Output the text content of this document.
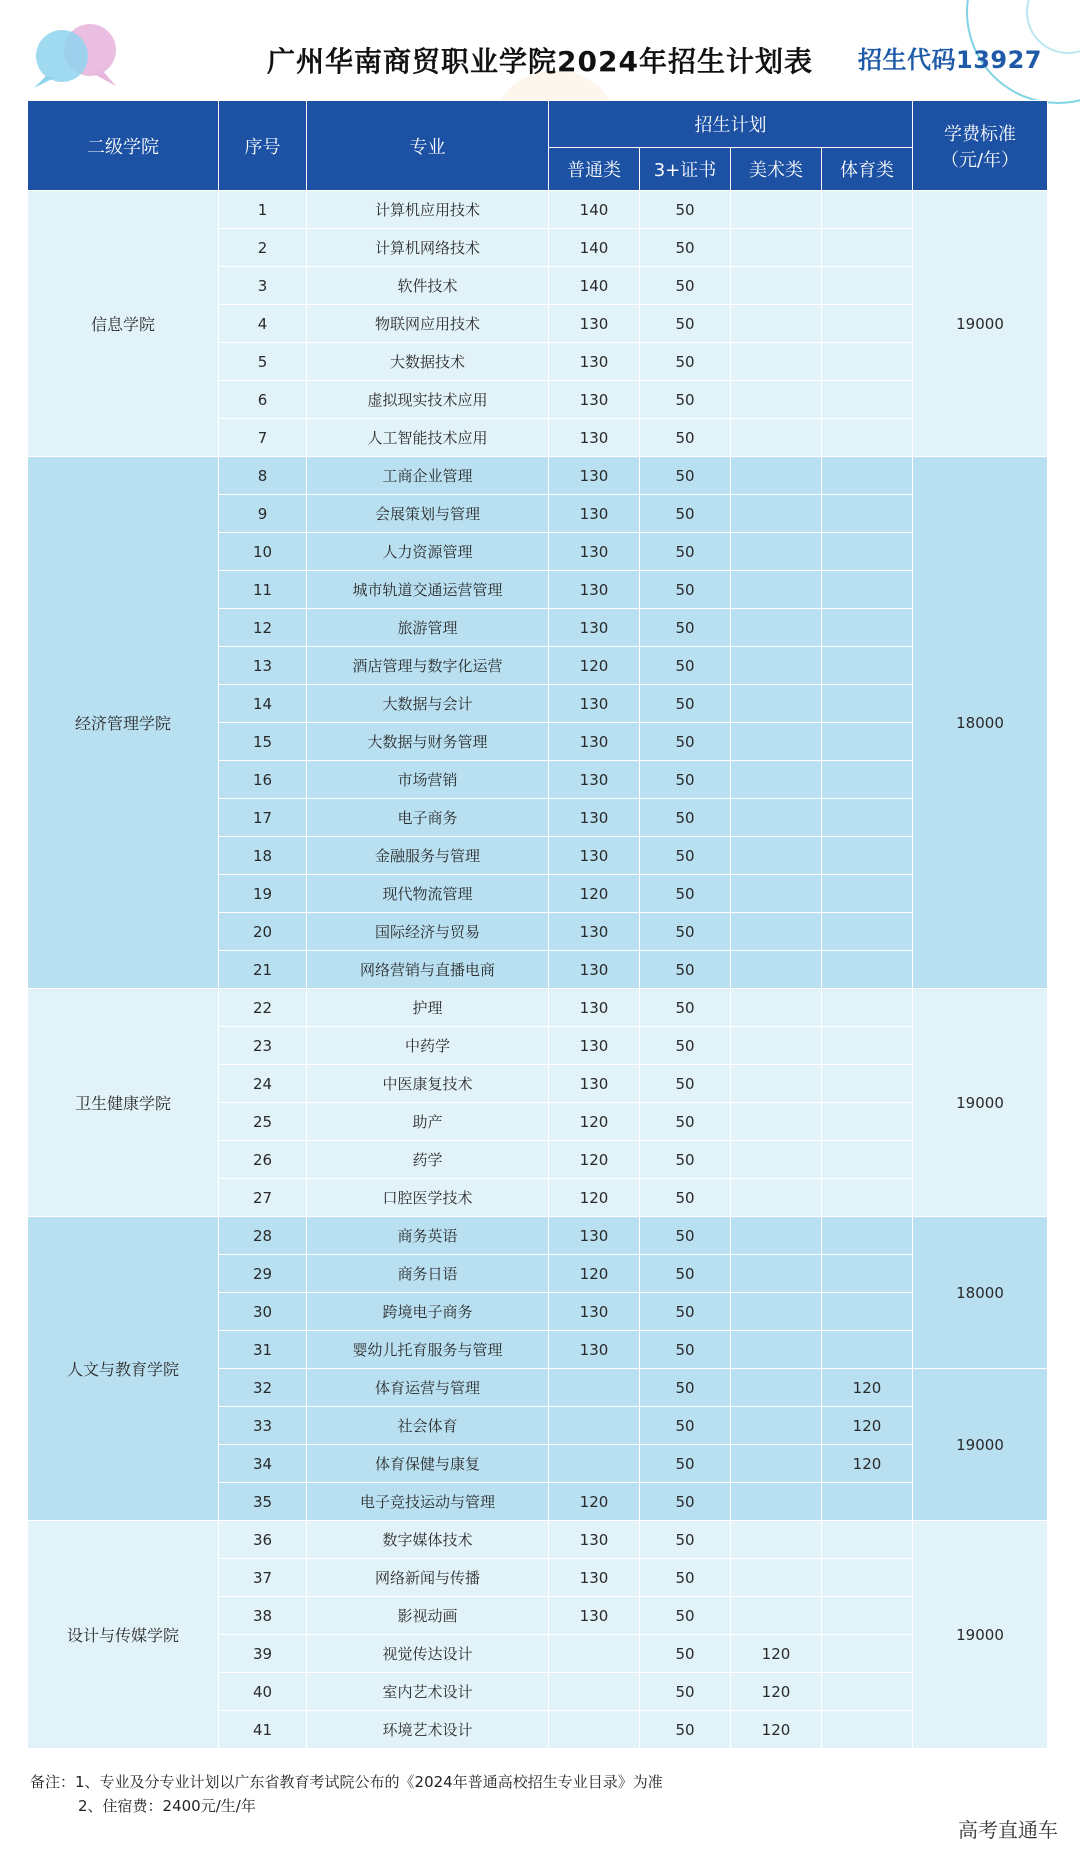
广州华南商贸职业学院2024年招生计划表	招生代码13927
二级学院	序号	专业	招生计划				学费标准
（元/年）

			普通类	3+证书	美术类	体育类	
信息学院	1	计算机应用技术	140	50			19000
	2	计算机网络技术	140	50			
	3	软件技术	140	50			
	4	物联网应用技术	130	50			
	5	大数据技术	130	50			
	6	虚拟现实技术应用	130	50			
	7	人工智能技术应用	130	50			
经济管理学院	8	工商企业管理	130	50			18000
	9	会展策划与管理	130	50			
	10	人力资源管理	130	50			
	11	城市轨道交通运营管理	130	50			
	12	旅游管理	130	50			
	13	酒店管理与数字化运营	120	50			
	14	大数据与会计	130	50			
	15	大数据与财务管理	130	50			
	16	市场营销	130	50			
	17	电子商务	130	50			
	18	金融服务与管理	130	50			
	19	现代物流管理	120	50			
	20	国际经济与贸易	130	50			
	21	网络营销与直播电商	130	50			
卫生健康学院	22	护理	130	50			19000
	23	中药学	130	50			
	24	中医康复技术	130	50			
	25	助产	120	50			
	26	药学	120	50			
	27	口腔医学技术	120	50			
人文与教育学院	28	商务英语	130	50			18000
	29	商务日语	120	50			
	30	跨境电子商务	130	50			
	31	婴幼儿托育服务与管理	130	50			
	32	体育运营与管理		50		120	19000
	33	社会体育		50		120	
	34	体育保健与康复		50		120	
	35	电子竞技运动与管理	120	50			
设计与传媒学院	36	数字媒体技术	130	50			19000
	37	网络新闻与传播	130	50			
	38	影视动画	130	50			
	39	视觉传达设计		50	120		
	40	室内艺术设计		50	120		
	41	环境艺术设计		50	120		
备注：1、专业及分专业计划以广东省教育考试院公布的《2024年普通高校招生专业目录》为准
2、住宿费：2400元/生/年
高考直通车
